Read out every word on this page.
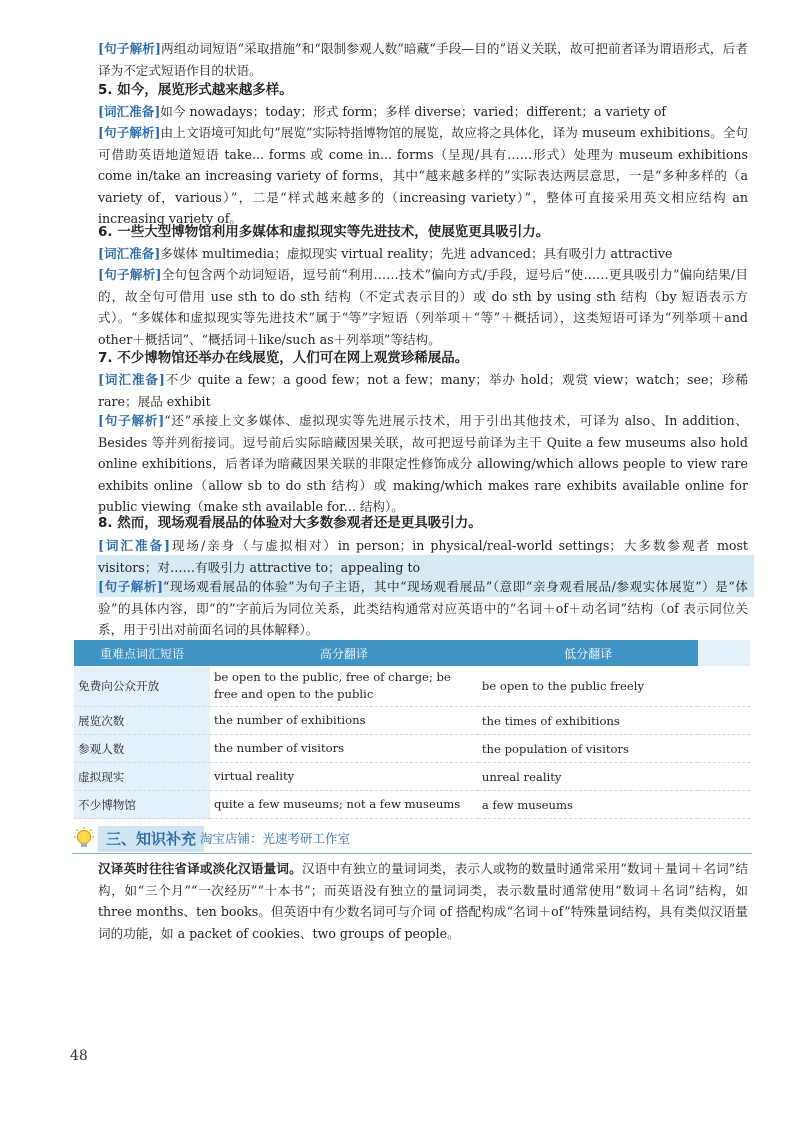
[句子解析]两组动词短语“采取措施”和“限制参观人数”暗藏“手段—目的”语义关联，故可把前者译为谓语形式，后者译为不定式短语作目的状语。

5. 如今，展览形式越来越多样。

[词汇准备]如今 nowadays；today；形式 form；多样 diverse；varied；different；a variety of

[句子解析]由上文语境可知此句“展览”实际特指博物馆的展览，故应将之具体化，译为 museum exhibitions。全句可借助英语地道短语 take... forms 或 come in... forms（呈现/具有……形式）处理为 museum exhibitions come in/take an increasing variety of forms，其中“越来越多样的”实际表达两层意思，一是“多种多样的（a variety of，various）”，二是“样式越来越多的（increasing variety）”，整体可直接采用英文相应结构 an increasing variety of。

6. 一些大型博物馆利用多媒体和虚拟现实等先进技术，使展览更具吸引力。

[词汇准备]多媒体 multimedia；虚拟现实 virtual reality；先进 advanced；具有吸引力 attractive

[句子解析]全句包含两个动词短语，逗号前“利用……技术”偏向方式/手段，逗号后“使……更具吸引力”偏向结果/目的，故全句可借用 use sth to do sth 结构（不定式表示目的）或 do sth by using sth 结构（by 短语表示方式）。“多媒体和虚拟现实等先进技术”属于“等”字短语（列举项＋“等”＋概括词），这类短语可译为“列举项＋and other＋概括词”、“概括词＋like/such as＋列举项”等结构。

7. 不少博物馆还举办在线展览，人们可在网上观赏珍稀展品。

[词汇准备]不少 quite a few；a good few；not a few；many；举办 hold；观赏 view；watch；see；珍稀 rare；展品 exhibit

[句子解析]“还”承接上文多媒体、虚拟现实等先进展示技术，用于引出其他技术，可译为 also、In addition、Besides 等并列衔接词。逗号前后实际暗藏因果关联，故可把逗号前译为主干 Quite a few museums also hold online exhibitions，后者译为暗藏因果关联的非限定性修饰成分 allowing/which allows people to view rare exhibits online（allow sb to do sth 结构）或 making/which makes rare exhibits available online for public viewing（make sth available for... 结构）。

8. 然而，现场观看展品的体验对大多数参观者还是更具吸引力。

[词汇准备]现场/亲身（与虚拟相对）in person；in physical/real-world settings；大多数参观者 most visitors；对……有吸引力 attractive to；appealing to

[句子解析]“现场观看展品的体验”为句子主语，其中“现场观看展品”（意即“亲身观看展品/参观实体展览”）是“体验”的具体内容，即“的”字前后为同位关系，此类结构通常对应英语中的“名词＋of＋动名词”结构（of 表示同位关系，用于引出对前面名词的具体解释）。

重难点词汇短语	高分翻译	低分翻译	
免费向公众开放	be open to the public, free of charge; be free and open to the public	be open to the public freely	
展览次数	the number of exhibitions	the times of exhibitions	
参观人数	the number of visitors	the population of visitors	
虚拟现实	virtual reality	unreal reality	
不少博物馆	quite a few museums; not a few museums	a few museums	
三、知识补充 淘宝店铺：光速考研工作室

汉译英时往往省译或淡化汉语量词。汉语中有独立的量词词类，表示人或物的数量时通常采用“数词＋量词＋名词”结构，如“三个月”“一次经历”“十本书”；而英语没有独立的量词词类，表示数量时通常使用“数词＋名词”结构，如 three months、ten books。但英语中有少数名词可与介词 of 搭配构成“名词＋of”特殊量词结构，具有类似汉语量词的功能，如 a packet of cookies、two groups of people。

48
